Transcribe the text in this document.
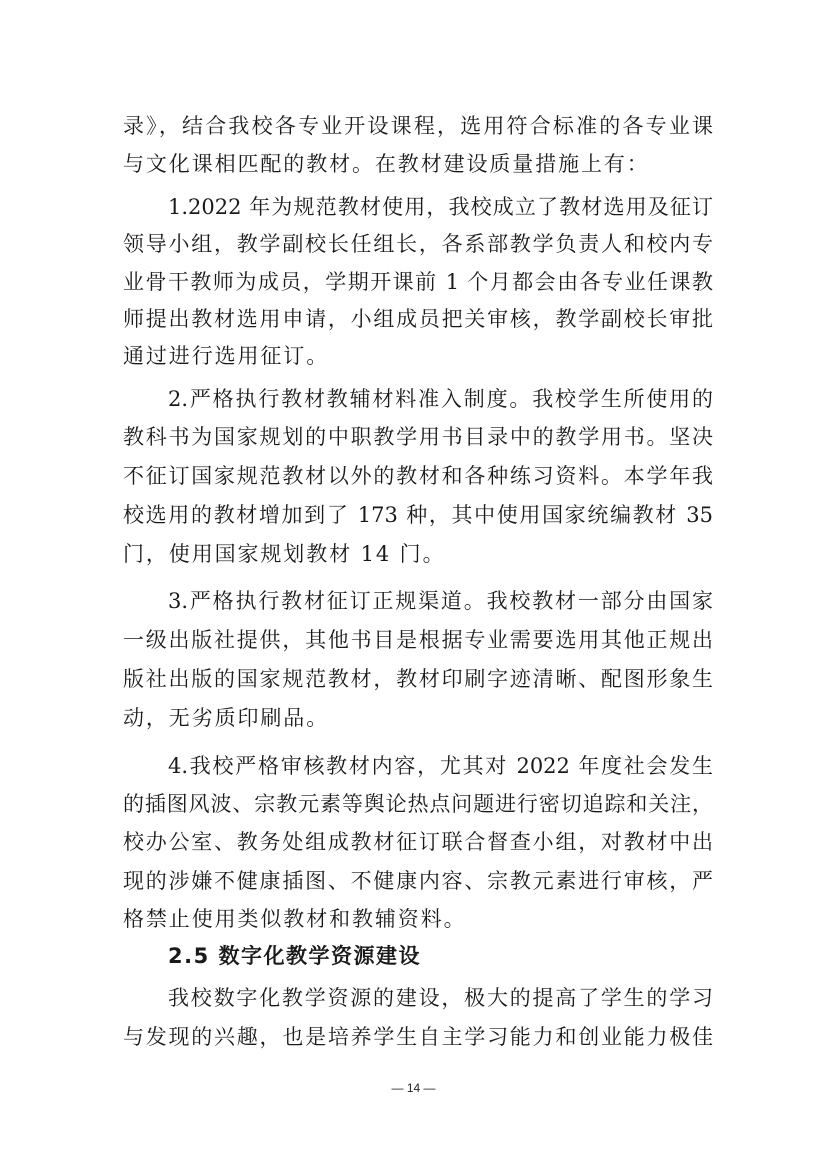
录》，结合我校各专业开设课程，选用符合标准的各专业课
与文化课相匹配的教材。在教材建设质量措施上有：
1.2022 年为规范教材使用，我校成立了教材选用及征订
领导小组，教学副校长任组长，各系部教学负责人和校内专
业骨干教师为成员，学期开课前 1 个月都会由各专业任课教
师提出教材选用申请，小组成员把关审核，教学副校长审批
通过进行选用征订。
2.严格执行教材教辅材料准入制度。我校学生所使用的
教科书为国家规划的中职教学用书目录中的教学用书。坚决
不征订国家规范教材以外的教材和各种练习资料。本学年我
校选用的教材增加到了 173 种，其中使用国家统编教材 35
门，使用国家规划教材 14 门。
3.严格执行教材征订正规渠道。我校教材一部分由国家
一级出版社提供，其他书目是根据专业需要选用其他正规出
版社出版的国家规范教材，教材印刷字迹清晰、配图形象生
动，无劣质印刷品。
4.我校严格审核教材内容，尤其对 2022 年度社会发生
的插图风波、宗教元素等舆论热点问题进行密切追踪和关注，
校办公室、教务处组成教材征订联合督查小组，对教材中出
现的涉嫌不健康插图、不健康内容、宗教元素进行审核，严
格禁止使用类似教材和教辅资料。
2.5 数字化教学资源建设
我校数字化教学资源的建设，极大的提高了学生的学习
与发现的兴趣，也是培养学生自主学习能力和创业能力极佳
— 14 —
